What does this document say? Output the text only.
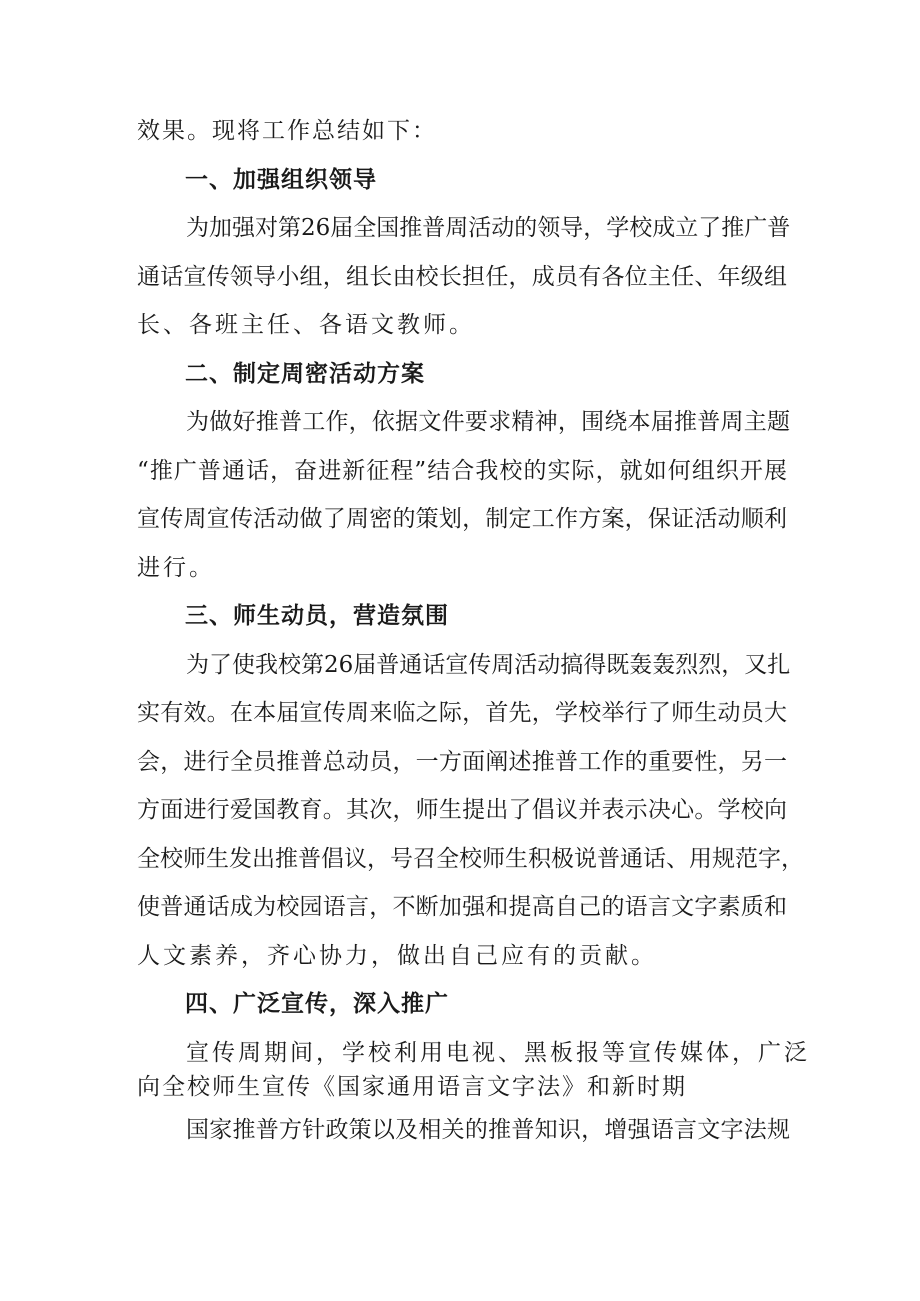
效果。现将工作总结如下：
一、加强组织领导
为加强对第26届全国推普周活动的领导，学校成立了推广普
通话宣传领导小组，组长由校长担任，成员有各位主任、年级组
长、各班主任、各语文教师。
二、制定周密活动方案
为做好推普工作，依据文件要求精神，围绕本届推普周主题
“推广普通话，奋进新征程”结合我校的实际，就如何组织开展
宣传周宣传活动做了周密的策划，制定工作方案，保证活动顺利
进行。
三、师生动员，营造氛围
为了使我校第26届普通话宣传周活动搞得既轰轰烈烈，又扎
实有效。在本届宣传周来临之际，首先，学校举行了师生动员大
会，进行全员推普总动员，一方面阐述推普工作的重要性，另一
方面进行爱国教育。其次，师生提出了倡议并表示决心。学校向
全校师生发出推普倡议，号召全校师生积极说普通话、用规范字，
使普通话成为校园语言，不断加强和提高自己的语言文字素质和
人文素养，齐心协力，做出自己应有的贡献。
四、广泛宣传，深入推广
宣传周期间，学校利用电视、黑板报等宣传媒体，广泛
向全校师生宣传《国家通用语言文字法》和新时期
国家推普方针政策以及相关的推普知识，增强语言文字法规
